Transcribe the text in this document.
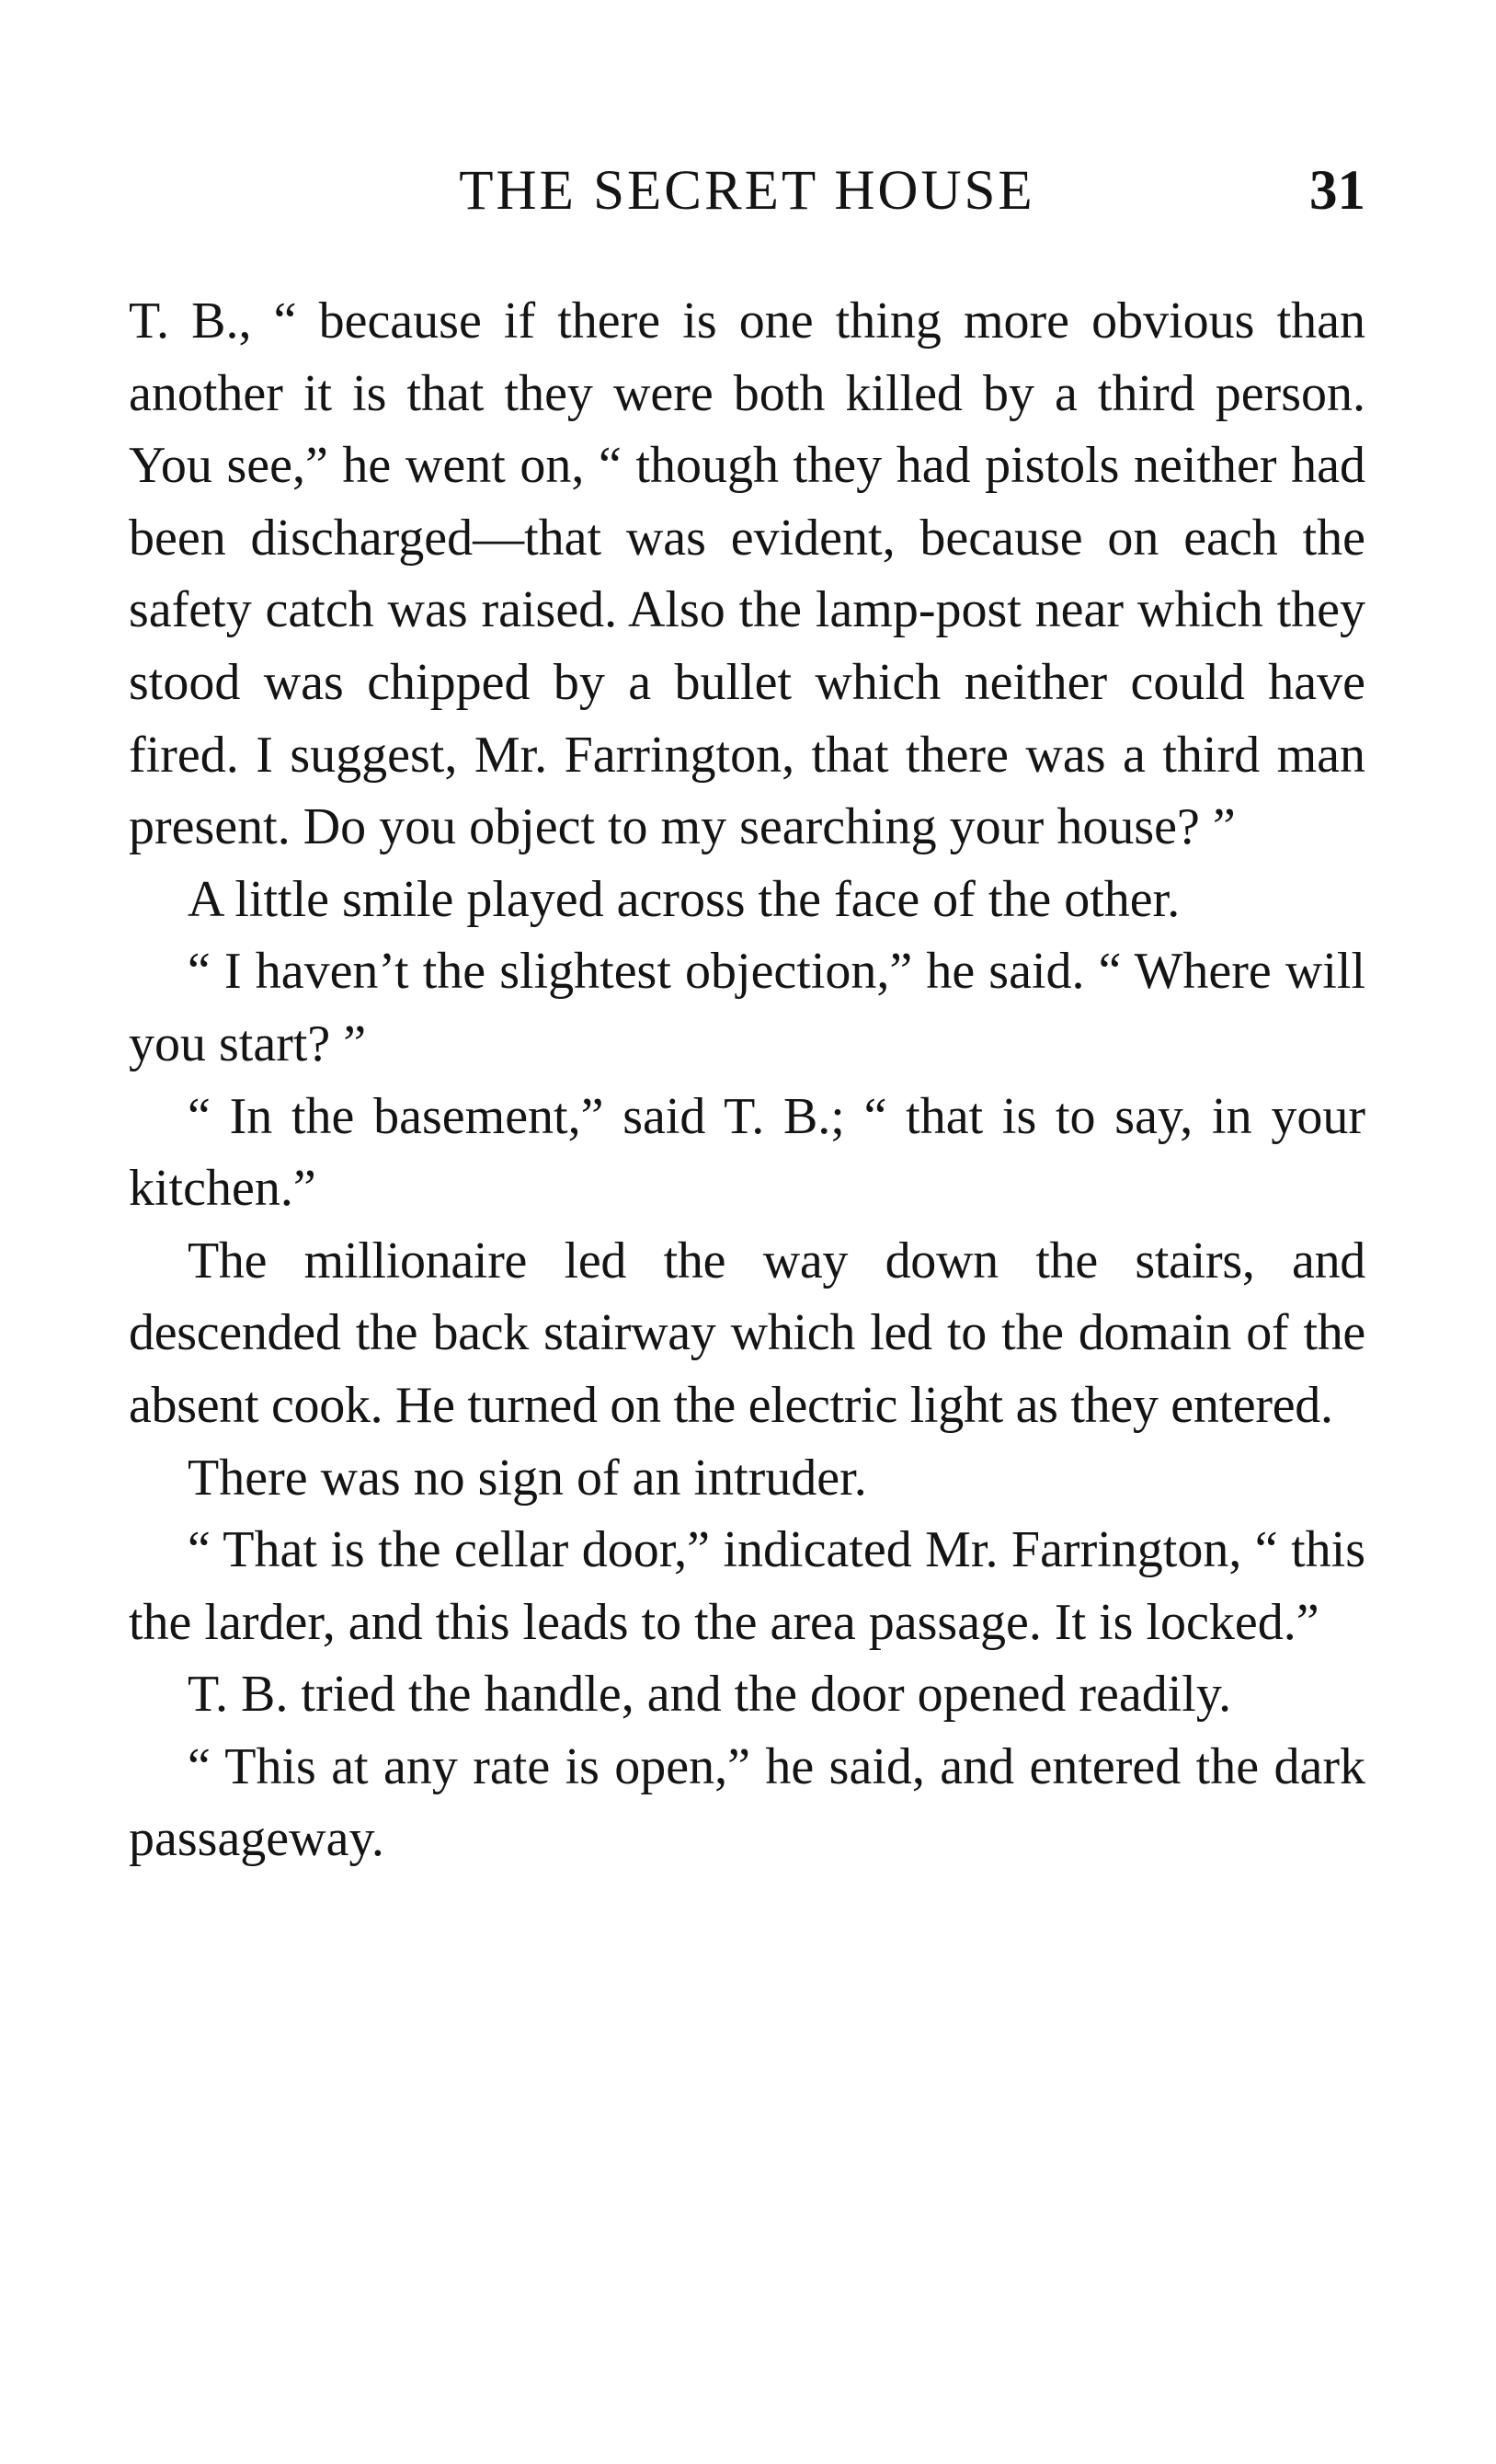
THE SECRET HOUSE	31

T. B., “ because if there is one thing more obvious than another it is that they were both killed by a third person. You see,” he went on, “ though they had pistols neither had been discharged—that was evident, because on each the safety catch was raised. Also the lamp-post near which they stood was chipped by a bullet which neither could have fired. I suggest, Mr. Farrington, that there was a third man present. Do you object to my searching your house? ”

A little smile played across the face of the other.

“ I haven’t the slightest objection,” he said. “ Where will you start? ”

“ In the basement,” said T. B.; “ that is to say, in your kitchen.”

The millionaire led the way down the stairs, and descended the back stairway which led to the domain of the absent cook. He turned on the electric light as they entered.

There was no sign of an intruder.

“ That is the cellar door,” indicated Mr. Farrington, “ this the larder, and this leads to the area passage. It is locked.”

T. B. tried the handle, and the door opened readily.

“ This at any rate is open,” he said, and entered the dark passageway.
